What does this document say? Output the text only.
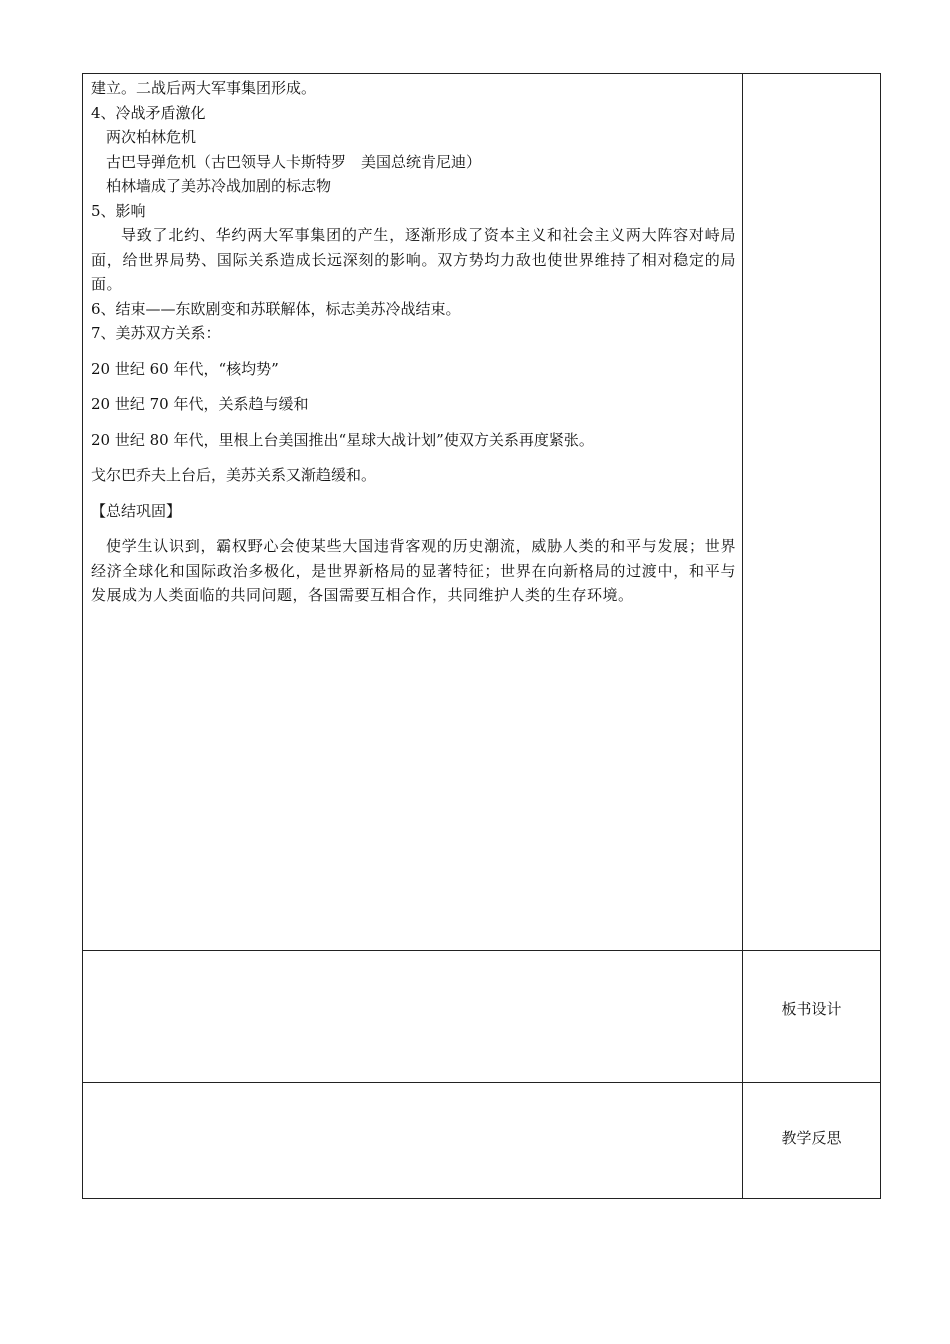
建立。二战后两大军事集团形成。

4、冷战矛盾激化

两次柏林危机

古巴导弹危机（古巴领导人卡斯特罗　美国总统肯尼迪）

柏林墙成了美苏冷战加剧的标志物

5、影响

导致了北约、华约两大军事集团的产生，逐渐形成了资本主义和社会主义两大阵容对峙局面，给世界局势、国际关系造成长远深刻的影响。双方势均力敌也使世界维持了相对稳定的局面。

6、结束——东欧剧变和苏联解体，标志美苏冷战结束。

7、美苏双方关系：

20 世纪 60 年代，“核均势”

20 世纪 70 年代，关系趋与缓和

20 世纪 80 年代，里根上台美国推出“星球大战计划”使双方关系再度紧张。

戈尔巴乔夫上台后，美苏关系又渐趋缓和。

【总结巩固】

使学生认识到，霸权野心会使某些大国违背客观的历史潮流，威胁人类的和平与发展；世界经济全球化和国际政治多极化，是世界新格局的显著特征；世界在向新格局的过渡中，和平与发展成为人类面临的共同问题，各国需要互相合作，共同维护人类的生存环境。

板书设计
教学反思
